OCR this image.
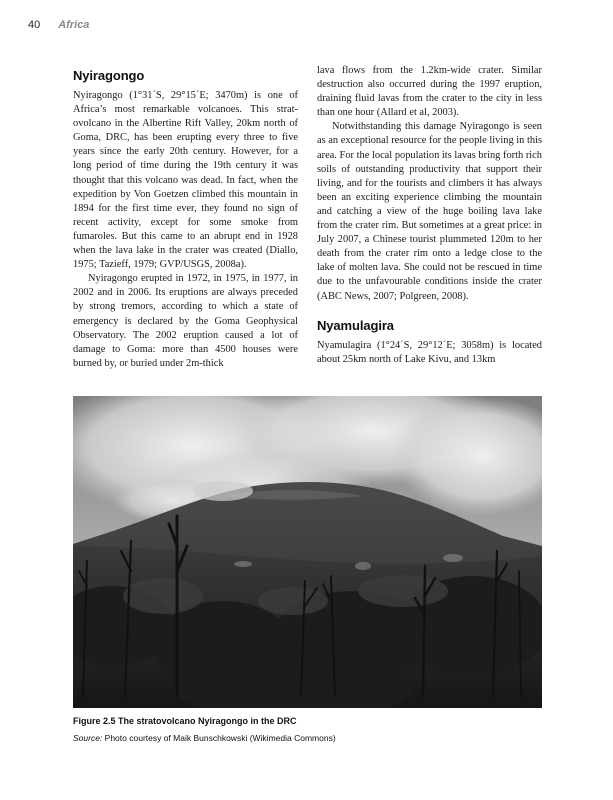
40 Africa
Nyiragongo

Nyiragongo (1°31´S, 29°15´E; 3470m) is one of Africa’s most remarkable volcanoes. This strat-ovolcano in the Albertine Rift Valley, 20km north of Goma, DRC, has been erupting every three to five years since the early 20th century. However, for a long period of time during the 19th century it was thought that this volcano was dead. In fact, when the expedition by Von Goetzen climbed this mountain in 1894 for the first time ever, they found no sign of recent activity, except for some smoke from fumaroles. But this came to an abrupt end in 1928 when the lava lake in the crater was created (Diallo, 1975; Tazieff, 1979; GVP/USGS, 2008a).

Nyiragongo erupted in 1972, in 1975, in 1977, in 2002 and in 2006. Its eruptions are always preceded by strong tremors, according to which a state of emergency is declared by the Goma Geophysical Observatory. The 2002 eruption caused a lot of damage to Goma: more than 4500 houses were burned by, or buried under 2m-thick

lava flows from the 1.2km-wide crater. Similar destruction also occurred during the 1997 eruption, draining fluid lavas from the crater to the city in less than one hour (Allard et al, 2003).

Notwithstanding this damage Nyiragongo is seen as an exceptional resource for the people living in this area. For the local population its lavas bring forth rich soils of outstanding productivity that support their living, and for the tourists and climbers it has always been an exciting experience climbing the mountain and catching a view of the huge boiling lava lake from the crater rim. But sometimes at a great price: in July 2007, a Chinese tourist plummeted 120m to her death from the crater rim onto a ledge close to the lake of molten lava. She could not be rescued in time due to the unfavourable conditions inside the crater (ABC News, 2007; Polgreen, 2008).

Nyamulagira

Nyamulagira (1°24´S, 29°12´E; 3058m) is located about 25km north of Lake Kivu, and 13km

Figure 2.5 The stratovolcano Nyiragongo in the DRC
Source: Photo courtesy of Maik Bunschkowski (Wikimedia Commons)
